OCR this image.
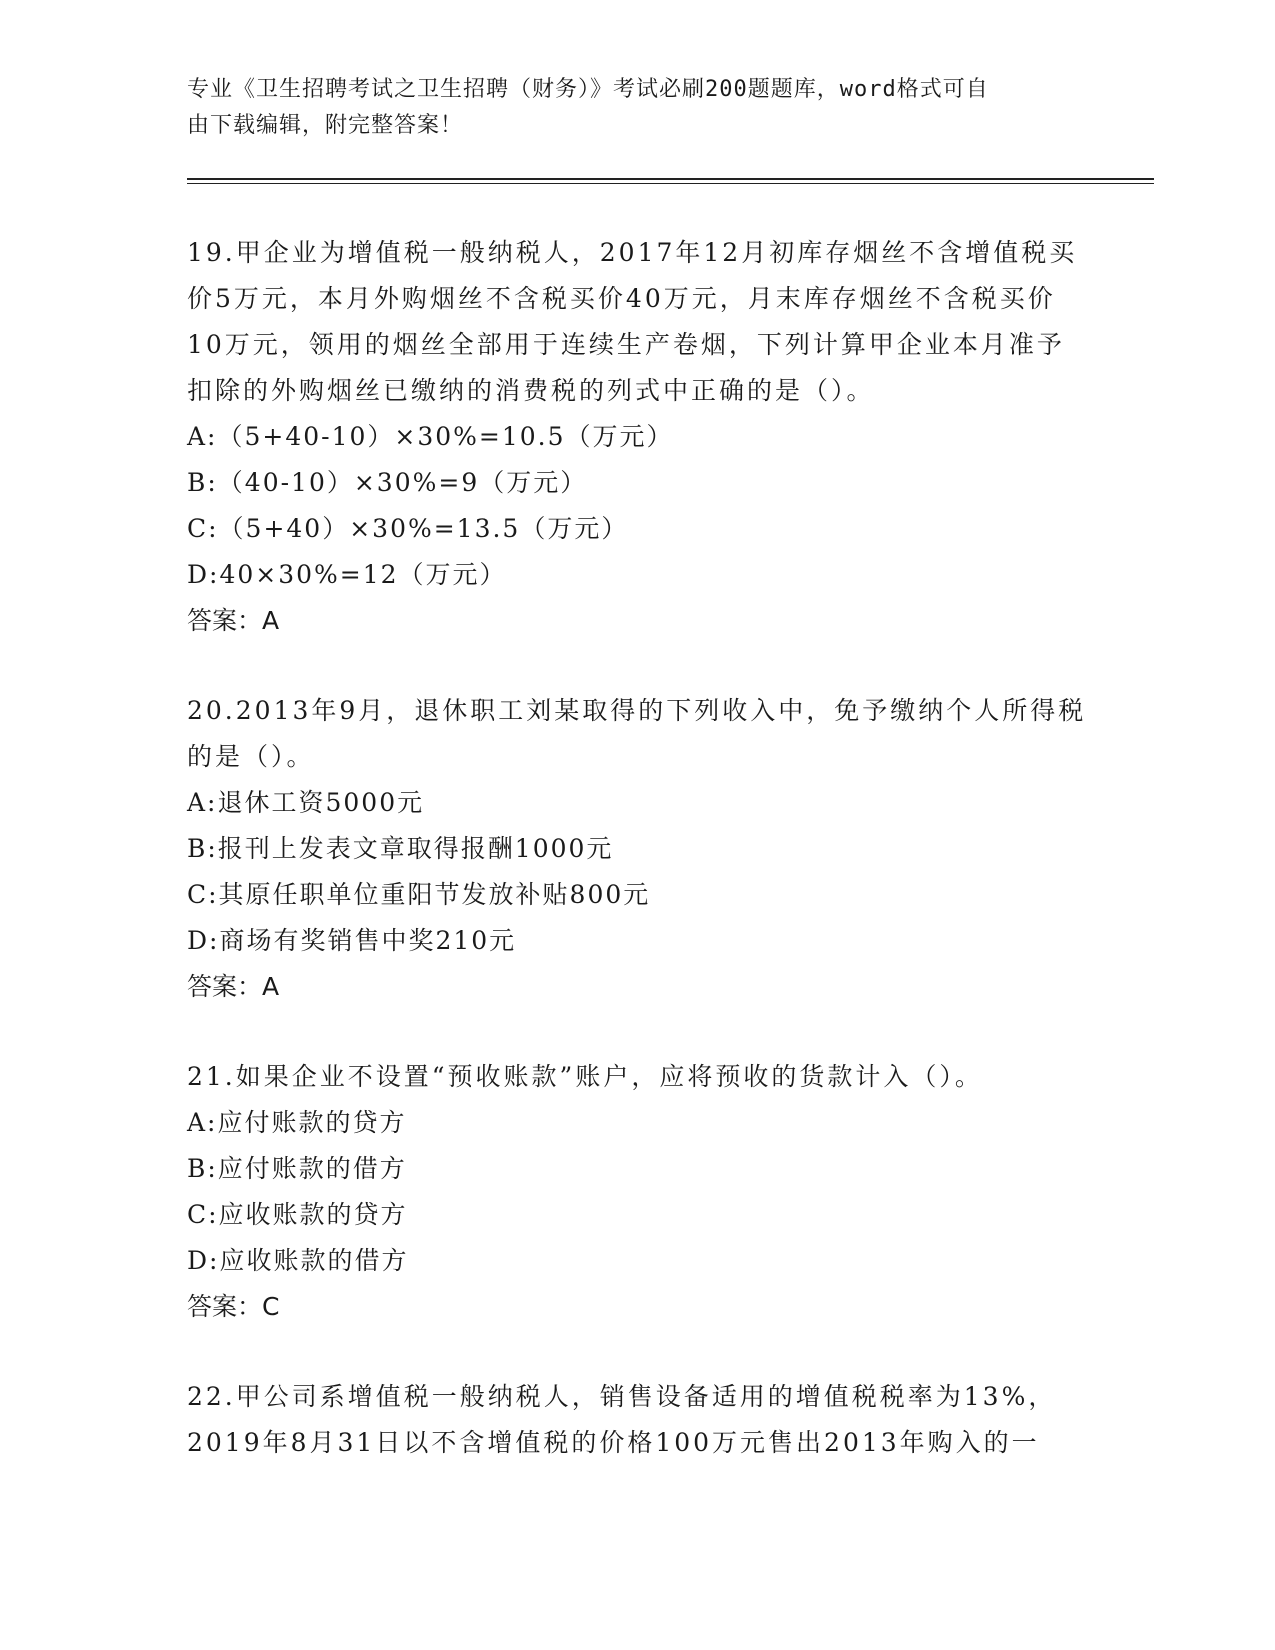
专业《卫生招聘考试之卫生招聘（财务）》考试必刷200题题库，word格式可自
由下载编辑，附完整答案！
19.甲企业为增值税一般纳税人，2017年12月初库存烟丝不含增值税买价5万元，本月外购烟丝不含税买价40万元，月末库存烟丝不含税买价10万元，领用的烟丝全部用于连续生产卷烟，下列计算甲企业本月准予扣除的外购烟丝已缴纳的消费税的列式中正确的是（）。
A:（5+40-10）×30%=10.5（万元）
B:（40-10）×30%=9（万元）
C:（5+40）×30%=13.5（万元）
D:40×30%=12（万元）
答案：A
20.2013年9月，退休职工刘某取得的下列收入中，免予缴纳个人所得税的是（）。
A:退休工资5000元
B:报刊上发表文章取得报酬1000元
C:其原任职单位重阳节发放补贴800元
D:商场有奖销售中奖210元
答案：A
21.如果企业不设置“预收账款”账户，应将预收的货款计入（）。
A:应付账款的贷方
B:应付账款的借方
C:应收账款的贷方
D:应收账款的借方
答案：C
22.甲公司系增值税一般纳税人，销售设备适用的增值税税率为13%，2019年8月31日以不含增值税的价格100万元售出2013年购入的一
